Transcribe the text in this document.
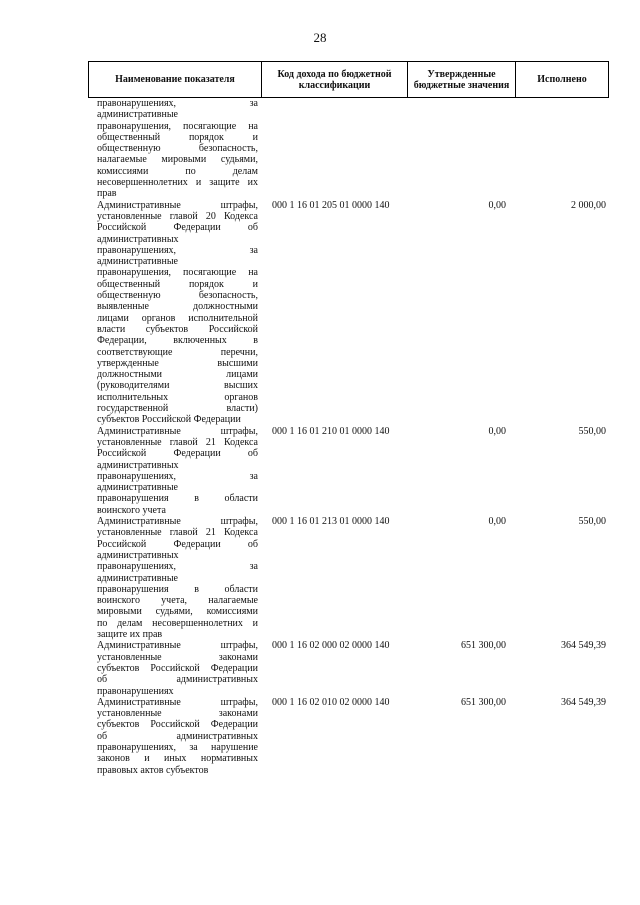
28
Наименование показателя	Код дохода по бюджетной классификации
Утвержденные бюджетные значения	Исполнено
правонарушениях, за
административные
правонарушения, посягающие на
общественный порядок и
общественную безопасность,
налагаемые мировыми судьями,
комиссиями по делам
несовершеннолетних и защите их
прав
Административные штрафы,
установленные главой 20 Кодекса
Российской Федерации об
административных
правонарушениях, за
административные
правонарушения, посягающие на
общественный порядок и
общественную безопасность,
выявленные должностными
лицами органов исполнительной
власти субъектов Российской
Федерации, включенных в
соответствующие перечни,
утвержденные высшими
должностными лицами
(руководителями высших
исполнительных органов
государственной власти)
субъектов Российской Федерации
000 1 16 01 205 01 0000 140	0,00	2 000,00
Административные штрафы,
установленные главой 21 Кодекса
Российской Федерации об
административных
правонарушениях, за
административные
правонарушения в области
воинского учета
000 1 16 01 210 01 0000 140	0,00	550,00
Административные штрафы,
установленные главой 21 Кодекса
Российской Федерации об
административных
правонарушениях, за
административные
правонарушения в области
воинского учета, налагаемые
мировыми судьями, комиссиями
по делам несовершеннолетних и
защите их прав
000 1 16 01 213 01 0000 140	0,00	550,00
Административные штрафы,
установленные законами
субъектов Российской Федерации
об административных
правонарушениях
000 1 16 02 000 02 0000 140	651 300,00	364 549,39
Административные штрафы,
установленные законами
субъектов Российской Федерации
об административных
правонарушениях, за нарушение
законов и иных нормативных
правовых актов субъектов
000 1 16 02 010 02 0000 140	651 300,00	364 549,39
